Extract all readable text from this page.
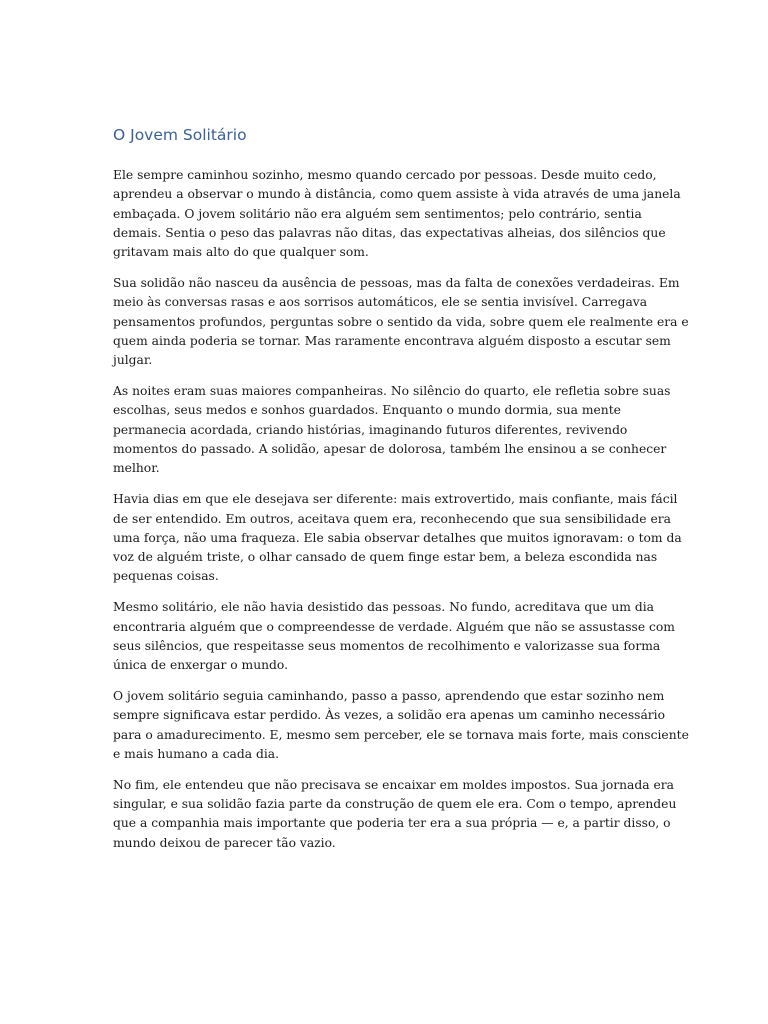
O Jovem Solitário

Ele sempre caminhou sozinho, mesmo quando cercado por pessoas. Desde muito cedo,
aprendeu a observar o mundo à distância, como quem assiste à vida através de uma janela
embaçada. O jovem solitário não era alguém sem sentimentos; pelo contrário, sentia
demais. Sentia o peso das palavras não ditas, das expectativas alheias, dos silêncios que
gritavam mais alto do que qualquer som.

Sua solidão não nasceu da ausência de pessoas, mas da falta de conexões verdadeiras. Em
meio às conversas rasas e aos sorrisos automáticos, ele se sentia invisível. Carregava
pensamentos profundos, perguntas sobre o sentido da vida, sobre quem ele realmente era e
quem ainda poderia se tornar. Mas raramente encontrava alguém disposto a escutar sem
julgar.

As noites eram suas maiores companheiras. No silêncio do quarto, ele refletia sobre suas
escolhas, seus medos e sonhos guardados. Enquanto o mundo dormia, sua mente
permanecia acordada, criando histórias, imaginando futuros diferentes, revivendo
momentos do passado. A solidão, apesar de dolorosa, também lhe ensinou a se conhecer
melhor.

Havia dias em que ele desejava ser diferente: mais extrovertido, mais confiante, mais fácil
de ser entendido. Em outros, aceitava quem era, reconhecendo que sua sensibilidade era
uma força, não uma fraqueza. Ele sabia observar detalhes que muitos ignoravam: o tom da
voz de alguém triste, o olhar cansado de quem finge estar bem, a beleza escondida nas
pequenas coisas.

Mesmo solitário, ele não havia desistido das pessoas. No fundo, acreditava que um dia
encontraria alguém que o compreendesse de verdade. Alguém que não se assustasse com
seus silêncios, que respeitasse seus momentos de recolhimento e valorizasse sua forma
única de enxergar o mundo.

O jovem solitário seguia caminhando, passo a passo, aprendendo que estar sozinho nem
sempre significava estar perdido. Às vezes, a solidão era apenas um caminho necessário
para o amadurecimento. E, mesmo sem perceber, ele se tornava mais forte, mais consciente
e mais humano a cada dia.

No fim, ele entendeu que não precisava se encaixar em moldes impostos. Sua jornada era
singular, e sua solidão fazia parte da construção de quem ele era. Com o tempo, aprendeu
que a companhia mais importante que poderia ter era a sua própria — e, a partir disso, o
mundo deixou de parecer tão vazio.
